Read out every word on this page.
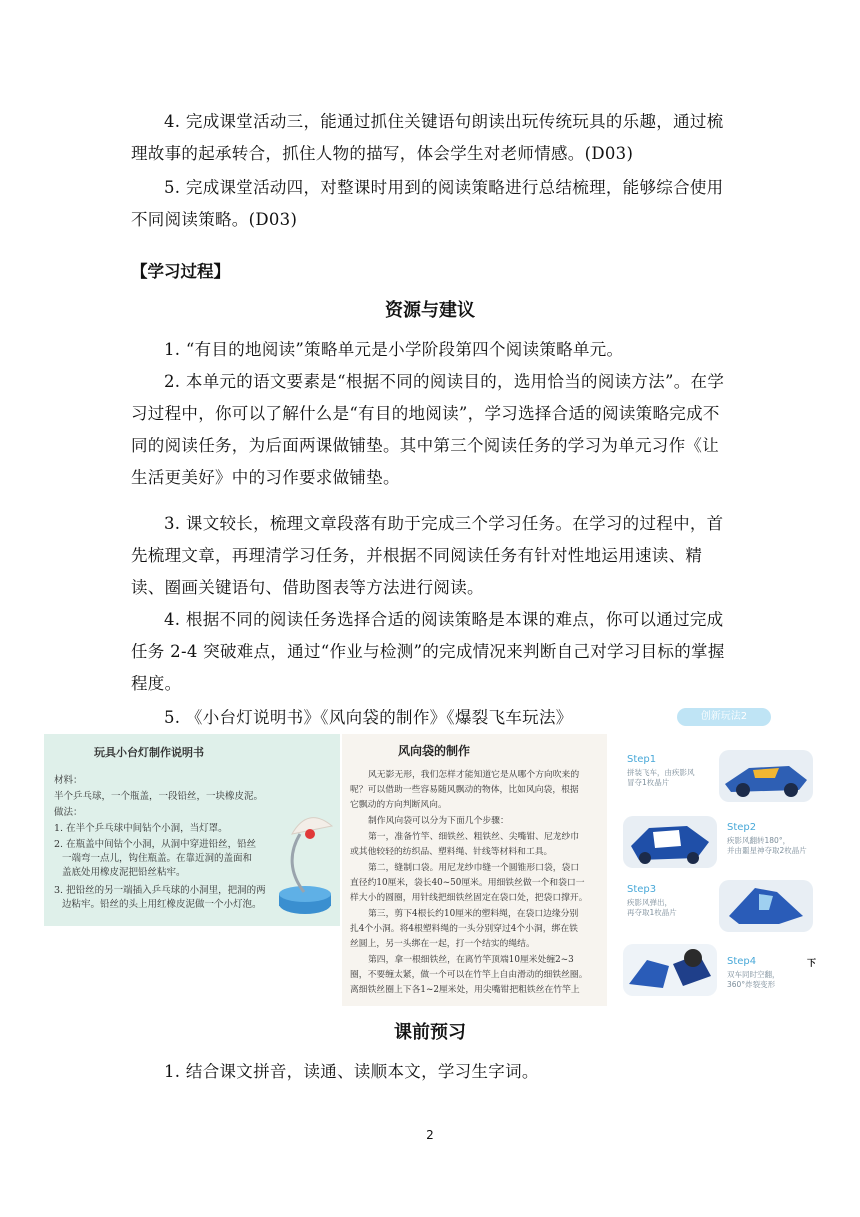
4. 完成课堂活动三，能通过抓住关键语句朗读出玩传统玩具的乐趣，通过梳理故事的起承转合，抓住人物的描写，体会学生对老师情感。(D03)

5. 完成课堂活动四，对整课时用到的阅读策略进行总结梳理，能够综合使用不同阅读策略。(D03)

【学习过程】
资源与建议

1. “有目的地阅读”策略单元是小学阶段第四个阅读策略单元。

2. 本单元的语文要素是“根据不同的阅读目的，选用恰当的阅读方法”。在学习过程中，你可以了解什么是“有目的地阅读”，学习选择合适的阅读策略完成不同的阅读任务，为后面两课做铺垫。其中第三个阅读任务的学习为单元习作《让生活更美好》中的习作要求做铺垫。

3. 课文较长，梳理文章段落有助于完成三个学习任务。在学习的过程中，首先梳理文章，再理清学习任务，并根据不同阅读任务有针对性地运用速读、精读、圈画关键语句、借助图表等方法进行阅读。

4. 根据不同的阅读任务选择合适的阅读策略是本课的难点，你可以通过完成任务 2-4 突破难点，通过“作业与检测”的完成情况来判断自己对学习目标的掌握程度。

5. 《小台灯说明书》《风向袋的制作》《爆裂飞车玩法》

玩具小台灯制作说明书
材料：
半个乒乓球，一个瓶盖，一段铅丝，一块橡皮泥。
做法：
1. 在半个乒乓球中间钻个小洞，当灯罩。
2. 在瓶盖中间钻个小洞，从洞中穿进铅丝，铅丝
一端弯一点儿，钩住瓶盖。在靠近洞的盖面和
盖底处用橡皮泥把铅丝粘牢。
3. 把铅丝的另一端插入乒乓球的小洞里，把洞的两
边粘牢。铅丝的头上用红橡皮泥做一个小灯泡。
风向袋的制作
风无影无形，我们怎样才能知道它是从哪个方向吹来的
呢？可以借助一些容易随风飘动的物体，比如风向袋，根据
它飘动的方向判断风向。
制作风向袋可以分为下面几个步骤：
第一，准备竹竿、细铁丝、粗铁丝、尖嘴钳、尼龙纱巾
或其他较轻的纺织品、塑料绳、针线等材料和工具。
第二，缝制口袋。用尼龙纱巾缝一个圆锥形口袋，袋口
直径约10厘米，袋长40~50厘米。用细铁丝做一个和袋口一
样大小的圆圈，用针线把细铁丝固定在袋口处，把袋口撑开。
第三，剪下4根长约10厘米的塑料绳，在袋口边缘分别
扎4个小洞。将4根塑料绳的一头分别穿过4个小洞，绑在铁
丝圆上，另一头绑在一起，打一个结实的绳结。
第四，拿一根细铁丝，在离竹竿顶端10厘米处缠2~3
圈，不要缠太紧，做一个可以在竹竿上自由滑动的细铁丝圈。
离细铁丝圈上下各1~2厘米处，用尖嘴钳把粗铁丝在竹竿上
创新玩法2
Step1
拼装飞车，由疾影风
冒夺1枚晶片
Step2
疾影风翻转180°，
并由噩星神夺取2枚晶片
Step3
疾影风弹出，
再夺取1枚晶片
Step4
双车同时空翻，
360°炸裂变形
下
课前预习

1. 结合课文拼音，读通、读顺本文，学习生字词。

2
